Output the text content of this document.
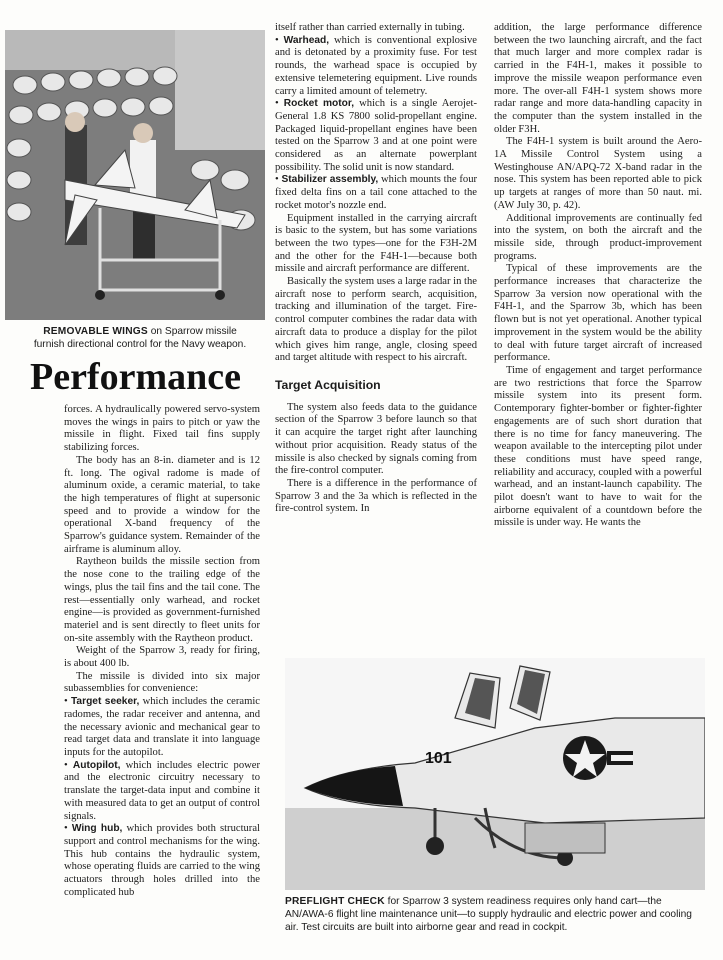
REMOVABLE WINGS on Sparrow missile furnish directional control for the Navy weapon.
Performance

forces. A hydraulically powered servo-system moves the wings in pairs to pitch or yaw the missile in flight. Fixed tail fins supply stabilizing forces.

The body has an 8-in. diameter and is 12 ft. long. The ogival radome is made of aluminum oxide, a ceramic material, to take the high temperatures of flight at supersonic speed and to provide a window for the operational X-band frequency of the Sparrow's guidance system. Remainder of the airframe is aluminum alloy.

Raytheon builds the missile section from the nose cone to the trailing edge of the wings, plus the tail fins and the tail cone. The rest—essentially only warhead, and rocket engine—is provided as government-furnished materiel and is sent directly to fleet units for on-site assembly with the Raytheon product.

Weight of the Sparrow 3, ready for firing, is about 400 lb.

The missile is divided into six major subassemblies for convenience:

• Target seeker, which includes the ceramic radomes, the radar receiver and antenna, and the necessary avionic and mechanical gear to read target data and translate it into language inputs for the autopilot.

• Autopilot, which includes electric power and the electronic circuitry necessary to translate the target-data input and combine it with measured data to get an output of control signals.

• Wing hub, which provides both structural support and control mechanisms for the wing. This hub contains the hydraulic system, whose operating fluids are carried to the wing actuators through holes drilled into the complicated hub

itself rather than carried externally in tubing.

• Warhead, which is conventional explosive and is detonated by a proximity fuse. For test rounds, the warhead space is occupied by extensive telemetering equipment. Live rounds carry a limited amount of telemetry.

• Rocket motor, which is a single Aerojet-General 1.8 KS 7800 solid-propellant engine. Packaged liquid-propellant engines have been tested on the Sparrow 3 and at one point were considered as an alternate powerplant possibility. The solid unit is now standard.

• Stabilizer assembly, which mounts the four fixed delta fins on a tail cone attached to the rocket motor's nozzle end.

Equipment installed in the carrying aircraft is basic to the system, but has some variations between the two types—one for the F3H-2M and the other for the F4H-1—because both missile and aircraft performance are different.

Basically the system uses a large radar in the aircraft nose to perform search, acquisition, tracking and illumination of the target. Fire-control computer combines the radar data with aircraft data to produce a display for the pilot which gives him range, angle, closing speed and target altitude with respect to his aircraft.

Target Acquisition

The system also feeds data to the guidance section of the Sparrow 3 before launch so that it can acquire the target right after launching without prior acquisition. Ready status of the missile is also checked by signals coming from the fire-control computer.

There is a difference in the performance of Sparrow 3 and the 3a which is reflected in the fire-control system. In

addition, the large performance difference between the two launching aircraft, and the fact that much larger and more complex radar is carried in the F4H-1, makes it possible to improve the missile weapon performance even more. The over-all F4H-1 system shows more radar range and more data-handling capacity in the computer than the system installed in the older F3H.

The F4H-1 system is built around the Aero-1A Missile Control System using a Westinghouse AN/APQ-72 X-band radar in the nose. This system has been reported able to pick up targets at ranges of more than 50 naut. mi. (AW July 30, p. 42).

Additional improvements are continually fed into the system, on both the aircraft and the missile side, through product-improvement programs.

Typical of these improvements are the performance increases that characterize the Sparrow 3a version now operational with the F4H-1, and the Sparrow 3b, which has been flown but is not yet operational. Another typical improvement in the system would be the ability to deal with future target aircraft of increased performance.

Time of engagement and target performance are two restrictions that force the Sparrow missile system into its present form. Contemporary fighter-bomber or fighter-fighter engagements are of such short duration that there is no time for fancy maneuvering. The weapon available to the intercepting pilot under these conditions must have speed range, reliability and accuracy, coupled with a powerful warhead, and an instant-launch capability. The pilot doesn't want to have to wait for the airborne equivalent of a countdown before the missile is under way. He wants the

101
PREFLIGHT CHECK for Sparrow 3 system readiness requires only hand cart—the AN/AWA-6 flight line maintenance unit—to supply hydraulic and electric power and cooling air. Test circuits are built into airborne gear and read in cockpit.
